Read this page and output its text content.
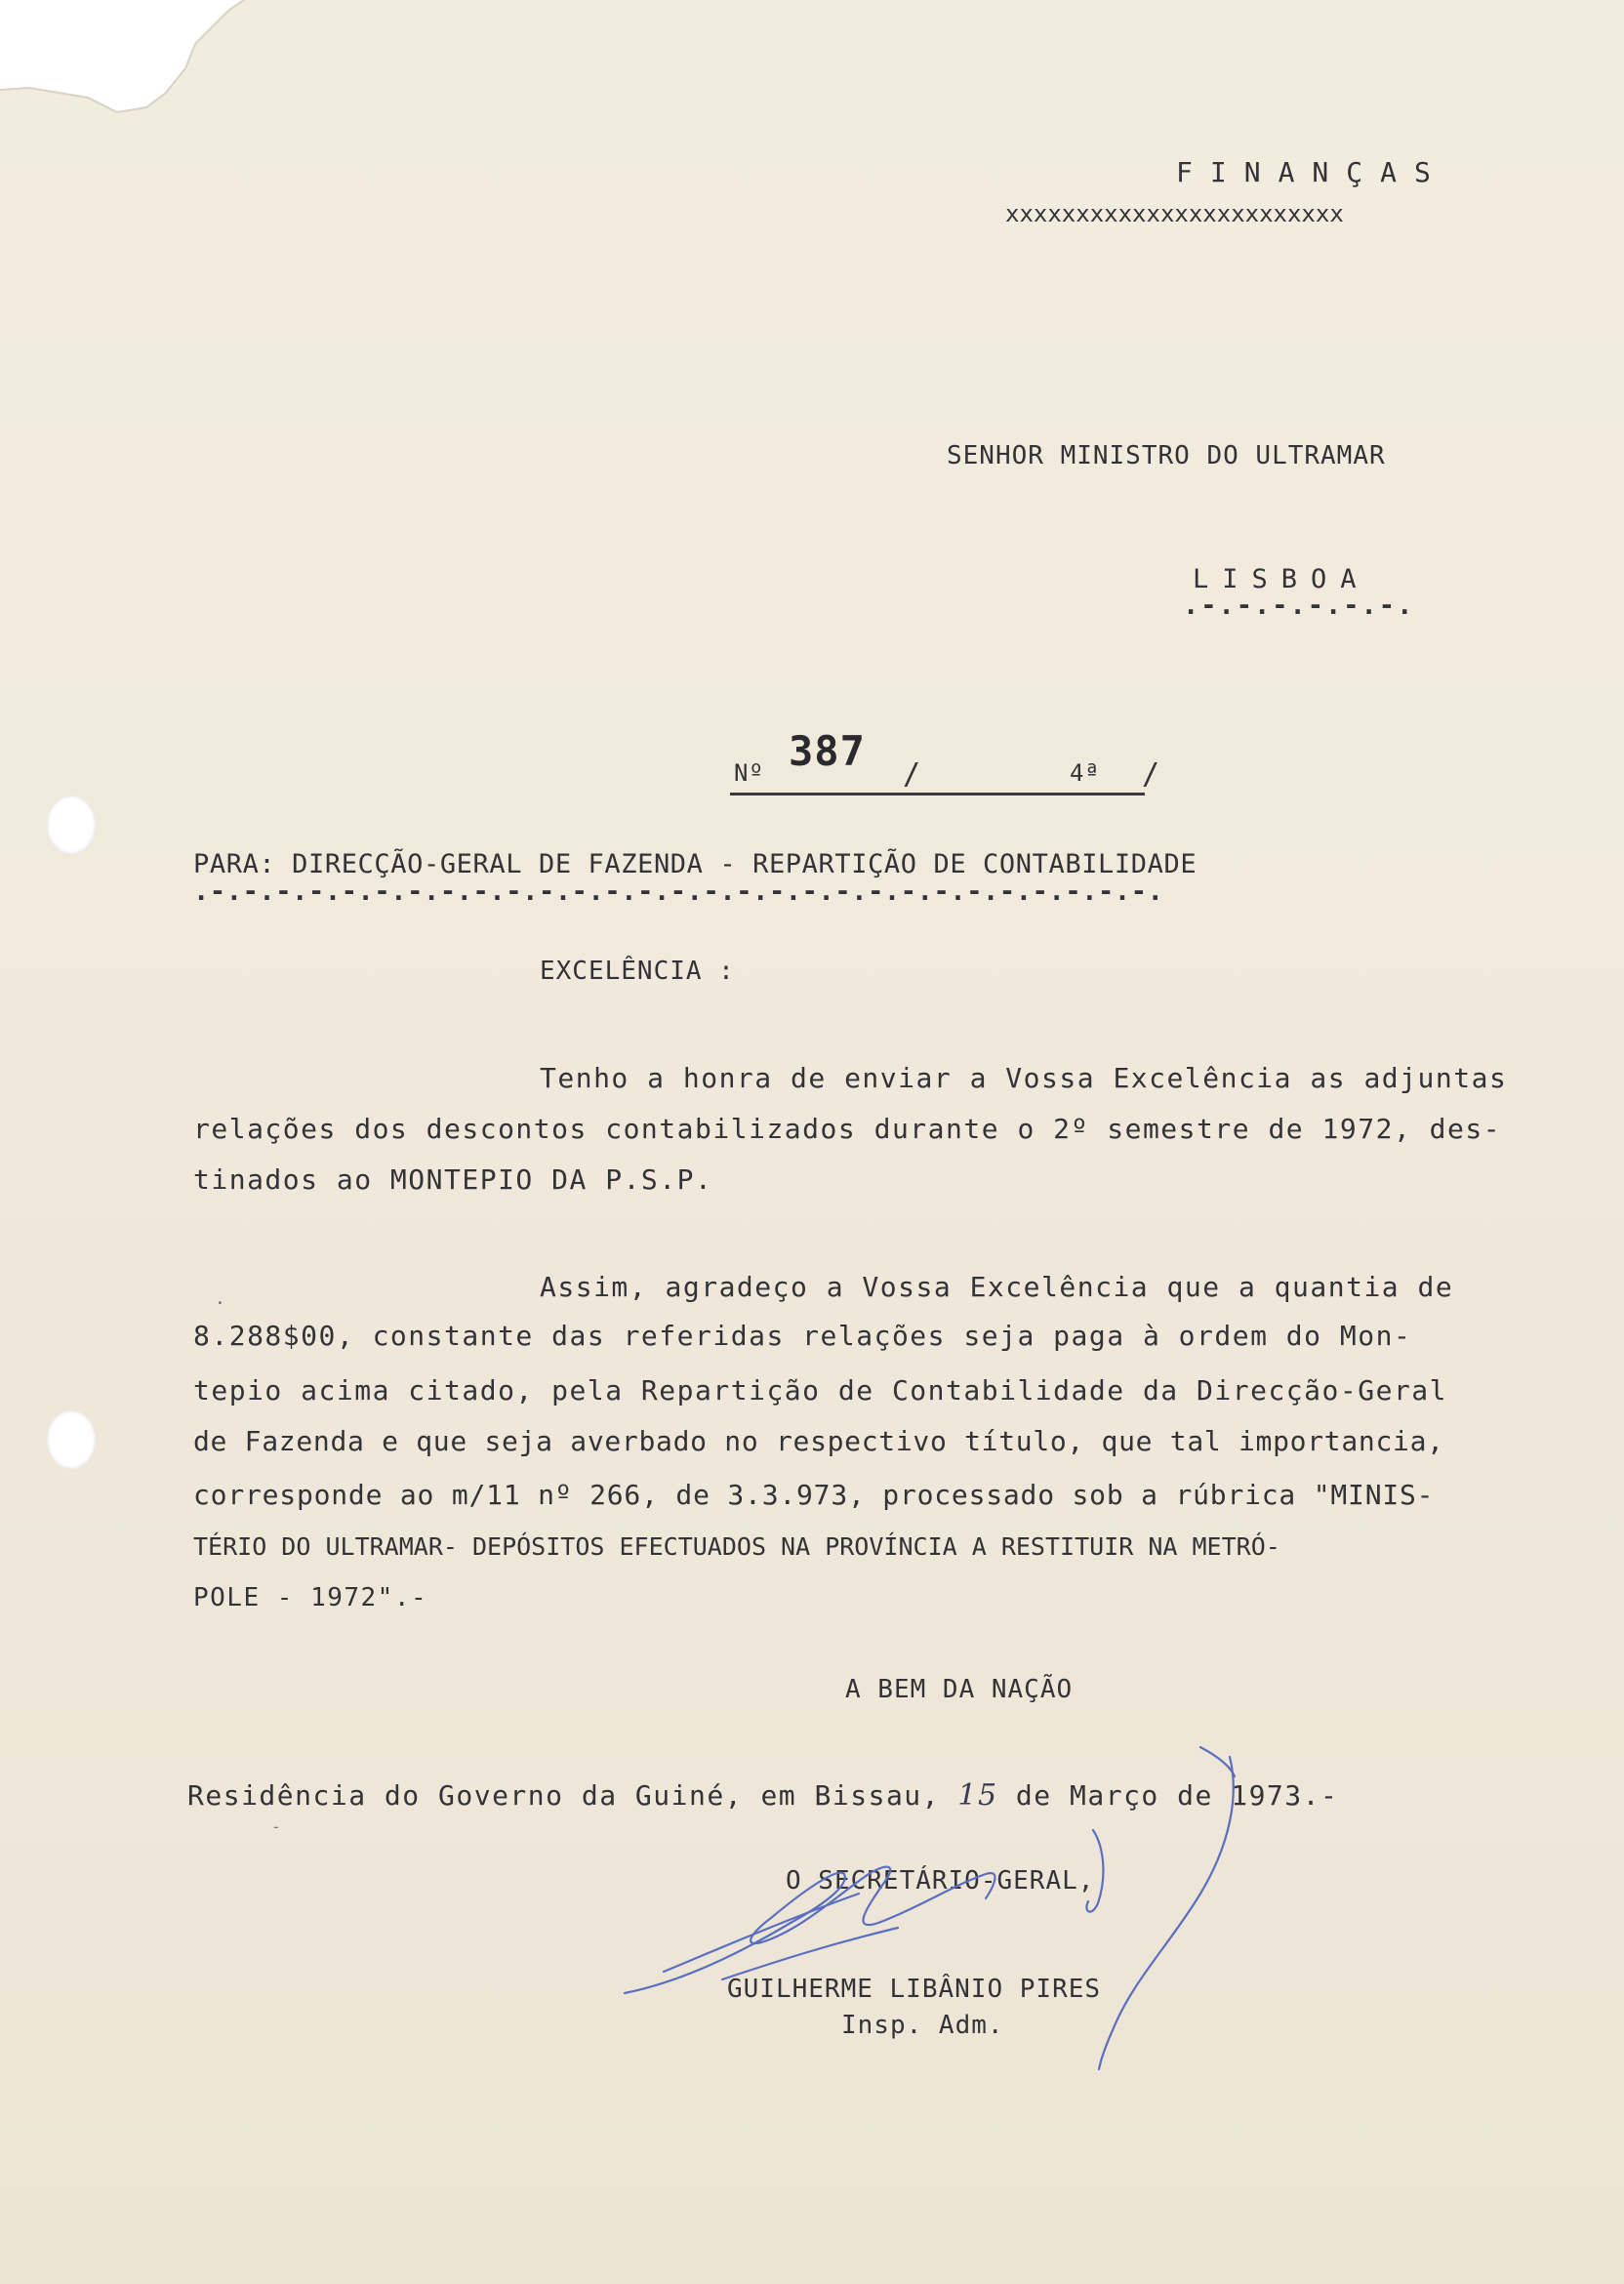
FINANÇAS
xxxxxxxxxxxxxxxxxxxxxxxx
SENHOR MINISTRO DO ULTRAMAR
LISBOA
.-.-.-.-.-.-.
Nº 387 /	4ª /
PARA: DIRECÇÃO-GERAL DE FAZENDA - REPARTIÇÃO DE CONTABILIDADE
.-.-.-.-.-.-.-.-.-.-.-.-.-.-.-.-.-.-.-.-.-.-.-.-.-.-.-.-.-.
EXCELÊNCIA :
Tenho a honra de enviar a Vossa Excelência as adjuntas
relações dos descontos contabilizados durante o 2º semestre de 1972, des-
tinados ao MONTEPIO DA P.S.P.
Assim, agradeço a Vossa Excelência que a quantia de
8.288$00, constante das referidas relações seja paga à ordem do Mon-
tepio acima citado, pela Repartição de Contabilidade da Direcção-Geral
de Fazenda e que seja averbado no respectivo título, que tal importancia,
corresponde ao m/11 nº 266, de 3.3.973, processado sob a rúbrica "MINIS-
TÉRIO DO ULTRAMAR- DEPÓSITOS EFECTUADOS NA PROVÍNCIA A RESTITUIR NA METRÓ-
POLE - 1972".-
A BEM DA NAÇÃO
Residência do Governo da Guiné, em Bissau, 15 de Março de 1973.-
O SECRETÁRIO-GERAL,
GUILHERME LIBÂNIO PIRES
Insp. Adm.
·
-
